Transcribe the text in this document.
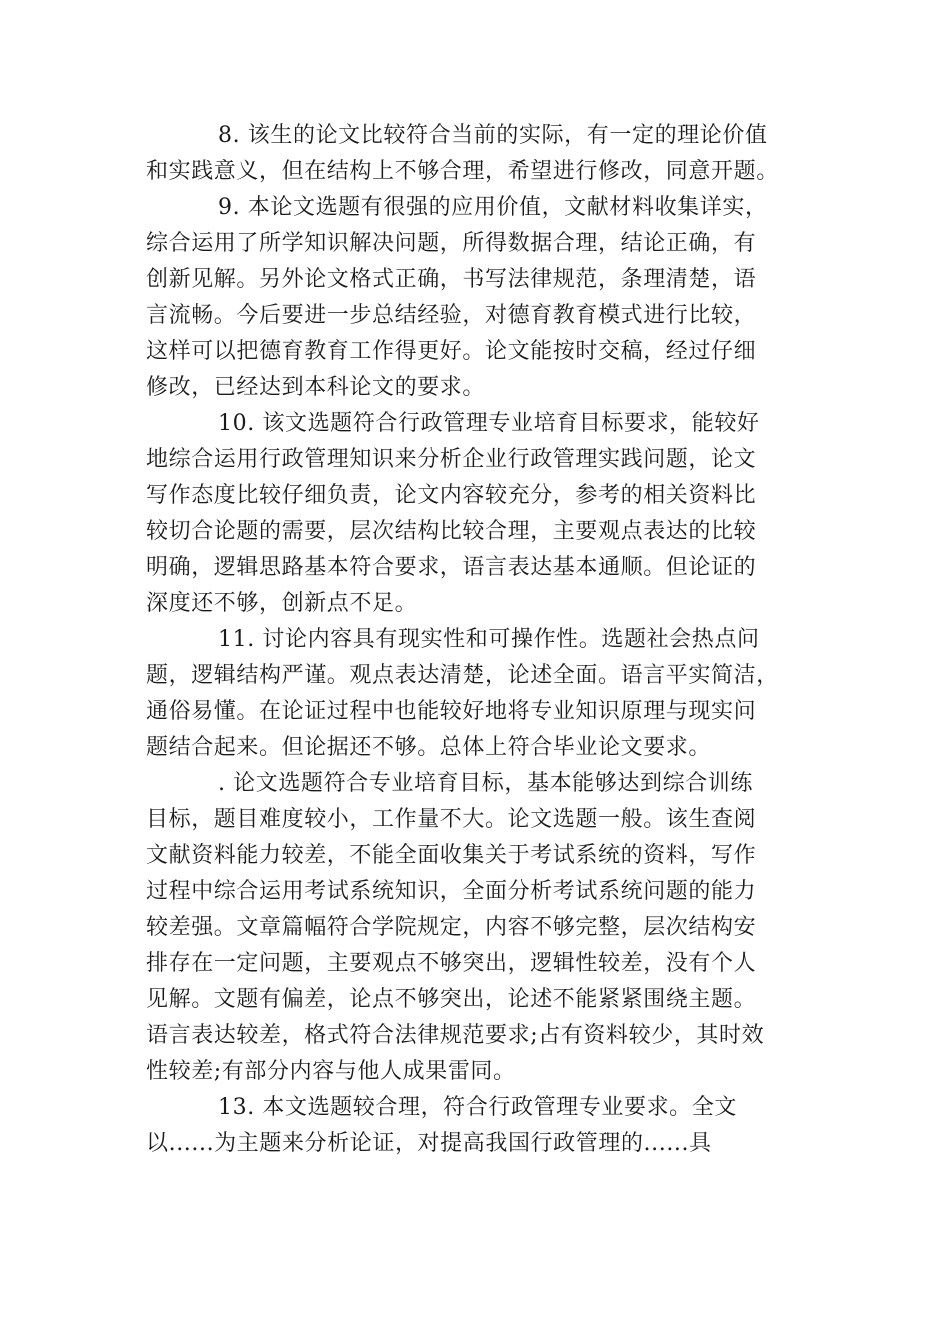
8. 该生的论文比较符合当前的实际，有一定的理论价值
和实践意义，但在结构上不够合理，希望进行修改，同意开题。
9. 本论文选题有很强的应用价值，文献材料收集详实，
综合运用了所学知识解决问题，所得数据合理，结论正确，有
创新见解。另外论文格式正确，书写法律规范，条理清楚，语
言流畅。今后要进一步总结经验，对德育教育模式进行比较，
这样可以把德育教育工作得更好。论文能按时交稿，经过仔细
修改，已经达到本科论文的要求。
10. 该文选题符合行政管理专业培育目标要求，能较好
地综合运用行政管理知识来分析企业行政管理实践问题，论文
写作态度比较仔细负责，论文内容较充分，参考的相关资料比
较切合论题的需要，层次结构比较合理，主要观点表达的比较
明确，逻辑思路基本符合要求，语言表达基本通顺。但论证的
深度还不够，创新点不足。
11. 讨论内容具有现实性和可操作性。选题社会热点问
题，逻辑结构严谨。观点表达清楚，论述全面。语言平实简洁，
通俗易懂。在论证过程中也能较好地将专业知识原理与现实问
题结合起来。但论据还不够。总体上符合毕业论文要求。
. 论文选题符合专业培育目标，基本能够达到综合训练
目标，题目难度较小，工作量不大。论文选题一般。该生查阅
文献资料能力较差，不能全面收集关于考试系统的资料，写作
过程中综合运用考试系统知识，全面分析考试系统问题的能力
较差强。文章篇幅符合学院规定，内容不够完整，层次结构安
排存在一定问题，主要观点不够突出，逻辑性较差，没有个人
见解。文题有偏差，论点不够突出，论述不能紧紧围绕主题。
语言表达较差，格式符合法律规范要求;占有资料较少，其时效
性较差;有部分内容与他人成果雷同。
13. 本文选题较合理，符合行政管理专业要求。全文
以......为主题来分析论证，对提高我国行政管理的......具
